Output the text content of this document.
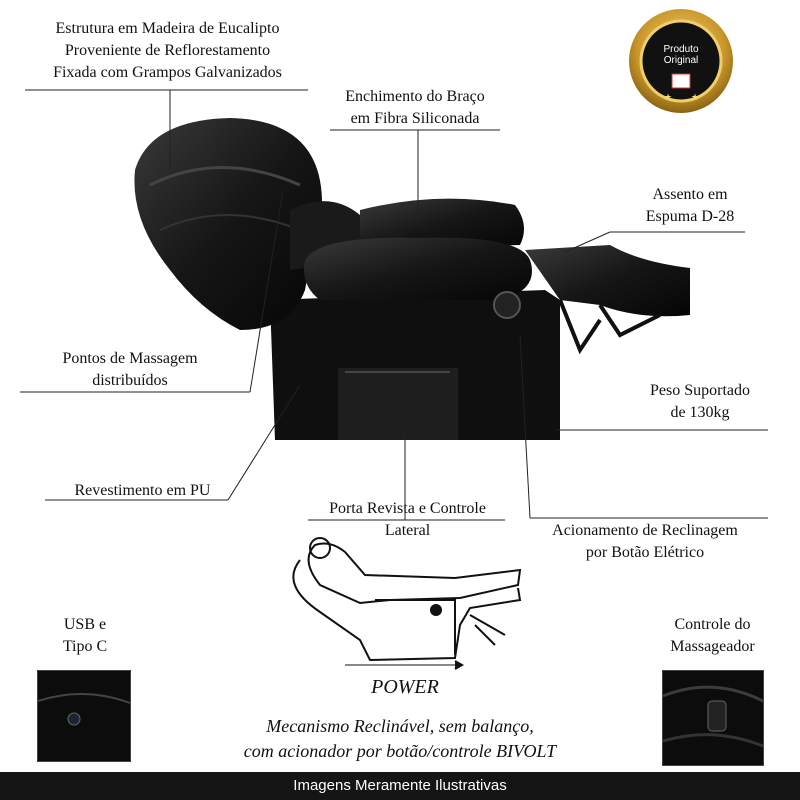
★ ★
Produto
Original
Estrutura em Madeira de Eucalipto
Proveniente de Reflorestamento
Fixada com Grampos Galvanizados
Enchimento do Braço
em Fibra Siliconada
Assento em
Espuma D-28
Pontos de Massagem
distribuídos
Peso Suportado
de 130kg
Revestimento em PU
Porta Revista e Controle
Lateral	Acionamento de Reclinagem
por Botão Elétrico
USB e
Tipo C
Controle do
Massageador
POWER
Mecanismo Reclinável, sem balanço,
com acionador por botão/controle BIVOLT
Imagens Meramente Ilustrativas
